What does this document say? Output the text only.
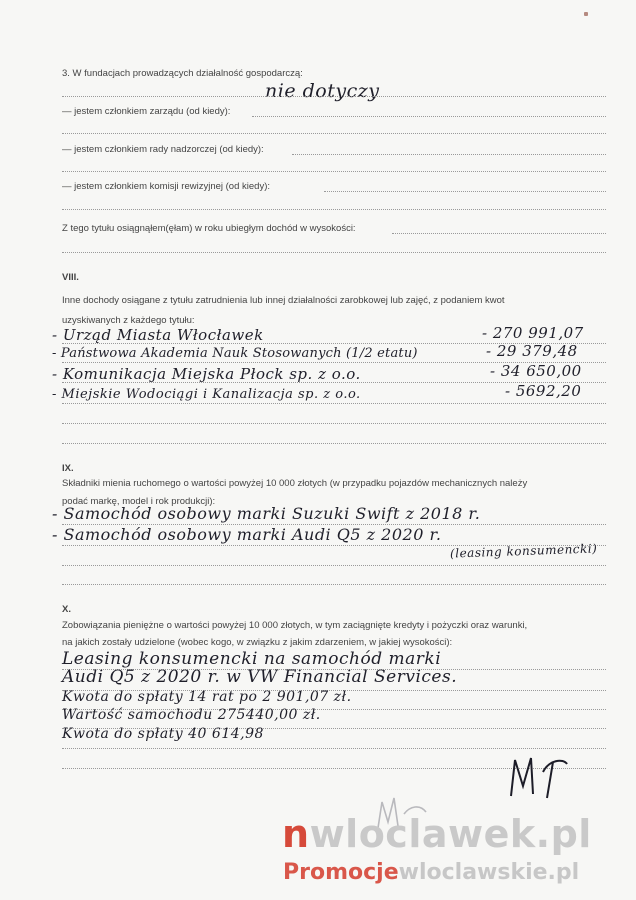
3. W fundacjach prowadzących działalność gospodarczą:
nie dotyczy
— jestem członkiem zarządu (od kiedy):
— jestem członkiem rady nadzorczej (od kiedy):
— jestem członkiem komisji rewizyjnej (od kiedy):
Z tego tytułu osiągnąłem(ęłam) w roku ubiegłym dochód w wysokości:
VIII.
Inne dochody osiągane z tytułu zatrudnienia lub innej działalności zarobkowej lub zajęć, z podaniem kwot
uzyskiwanych z każdego tytułu:
- Urząd Miasta Włocławek	- 270 991,07
- Państwowa Akademia Nauk Stosowanych (1/2 etatu)	- 29 379,48
- Komunikacja Miejska Płock sp. z o.o.	- 34 650,00
- Miejskie Wodociągi i Kanalizacja sp. z o.o.	- 5692,20
IX.
Składniki mienia ruchomego o wartości powyżej 10 000 złotych (w przypadku pojazdów mechanicznych należy
podać markę, model i rok produkcji):
- Samochód osobowy marki Suzuki Swift z 2018 r.
- Samochód osobowy marki Audi Q5 z 2020 r.
(leasing konsumencki)
X.
Zobowiązania pieniężne o wartości powyżej 10 000 złotych, w tym zaciągnięte kredyty i pożyczki oraz warunki,
na jakich zostały udzielone (wobec kogo, w związku z jakim zdarzeniem, w jakiej wysokości):
Leasing konsumencki na samochód marki
Audi Q5 z 2020 r. w VW Financial Services.
Kwota do spłaty 14 rat po 2 901,07 zł.
Wartość samochodu 275440,00 zł.
Kwota do spłaty 40 614,98
nwloclawek.pl
Promocjewloclawskie.pl
